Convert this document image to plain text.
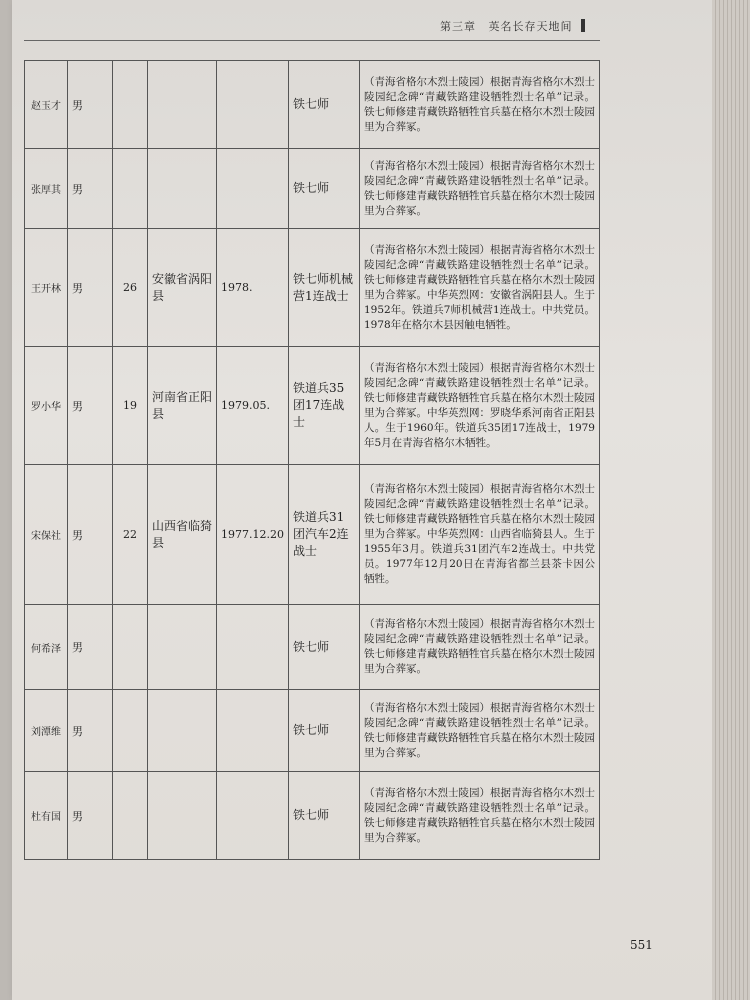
第三章 英名长存天地间
赵玉才	男				铁七师	（青海省格尔木烈士陵园）根据青海省格尔木烈士陵园纪念碑“青藏铁路建设牺牲烈士名单”记录。铁七师修建青藏铁路牺牲官兵墓在格尔木烈士陵园里为合葬冢。
张厚其	男				铁七师	（青海省格尔木烈士陵园）根据青海省格尔木烈士陵园纪念碑“青藏铁路建设牺牲烈士名单”记录。铁七师修建青藏铁路牺牲官兵墓在格尔木烈士陵园里为合葬冢。
王开林	男	26	安徽省涡阳县	1978.	铁七师机械营1连战士	（青海省格尔木烈士陵园）根据青海省格尔木烈士陵园纪念碑“青藏铁路建设牺牲烈士名单”记录。铁七师修建青藏铁路牺牲官兵墓在格尔木烈士陵园里为合葬冢。中华英烈网：安徽省涡阳县人。生于1952年。铁道兵7师机械营1连战士。中共党员。1978年在格尔木县因触电牺牲。
罗小华	男	19	河南省正阳县	1979.05.	铁道兵35团17连战士	（青海省格尔木烈士陵园）根据青海省格尔木烈士陵园纪念碑“青藏铁路建设牺牲烈士名单”记录。铁七师修建青藏铁路牺牲官兵墓在格尔木烈士陵园里为合葬冢。中华英烈网：罗晓华系河南省正阳县人。生于1960年。铁道兵35团17连战士，1979年5月在青海省格尔木牺牲。
宋保社	男	22	山西省临猗县	1977.12.20	铁道兵31团汽车2连战士	（青海省格尔木烈士陵园）根据青海省格尔木烈士陵园纪念碑“青藏铁路建设牺牲烈士名单”记录。铁七师修建青藏铁路牺牲官兵墓在格尔木烈士陵园里为合葬冢。中华英烈网：山西省临猗县人。生于1955年3月。铁道兵31团汽车2连战士。中共党员。1977年12月20日在青海省都兰县茶卡因公牺牲。
何希泽	男				铁七师	（青海省格尔木烈士陵园）根据青海省格尔木烈士陵园纪念碑“青藏铁路建设牺牲烈士名单”记录。铁七师修建青藏铁路牺牲官兵墓在格尔木烈士陵园里为合葬冢。
刘潭维	男				铁七师	（青海省格尔木烈士陵园）根据青海省格尔木烈士陵园纪念碑“青藏铁路建设牺牲烈士名单”记录。铁七师修建青藏铁路牺牲官兵墓在格尔木烈士陵园里为合葬冢。
杜有国	男				铁七师	（青海省格尔木烈士陵园）根据青海省格尔木烈士陵园纪念碑“青藏铁路建设牺牲烈士名单”记录。铁七师修建青藏铁路牺牲官兵墓在格尔木烈士陵园里为合葬冢。
551
